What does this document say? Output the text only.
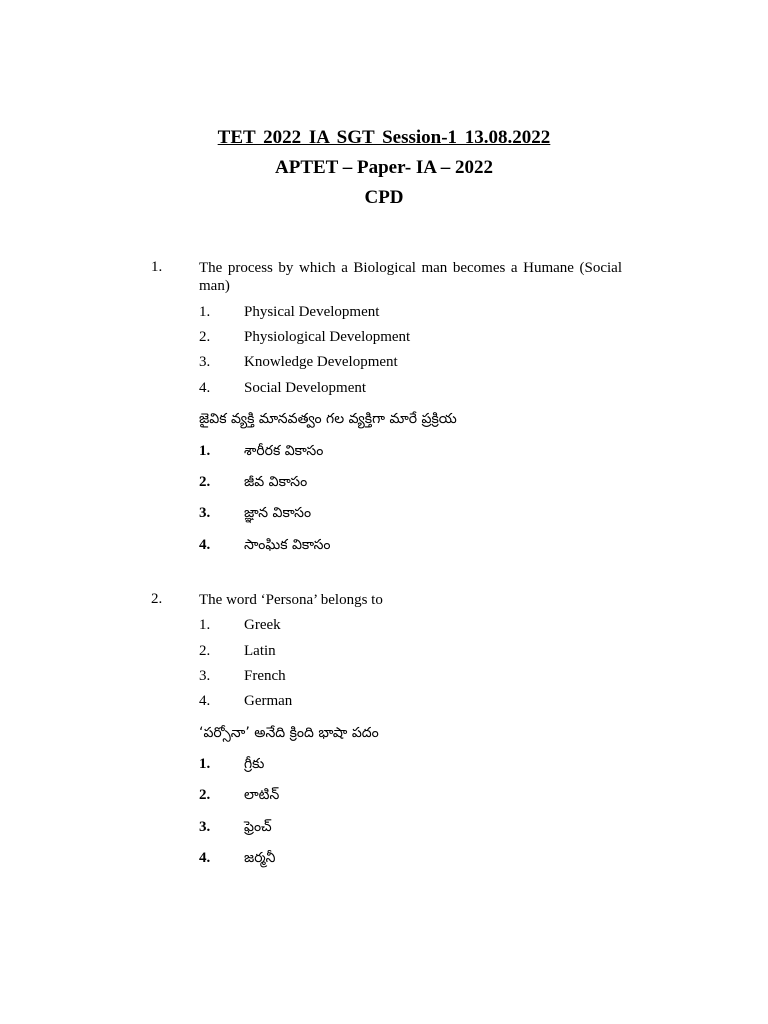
TET 2022 IA SGT Session-1 13.08.2022
APTET – Paper- IA – 2022
CPD
1. The process by which a Biological man becomes a Humane (Social man)
1. Physical Development
2. Physiological Development
3. Knowledge Development
4. Social Development
జైవిక వ్యక్తి మానవత్వం గల వ్యక్తిగా మారే ప్రక్రియ
1. శారీరక వికాసం
2. జీవ వికాసం
3. జ్ఞాన వికాసం
4. సాంఘిక వికాసం
2. The word ‘Persona’ belongs to
1. Greek
2. Latin
3. French
4. German
‘పర్సోనా’ అనేది క్రింది భాషా పదం
1. గ్రీకు
2. లాటిన్
3. ఫ్రెంచ్
4. జర్మనీ
